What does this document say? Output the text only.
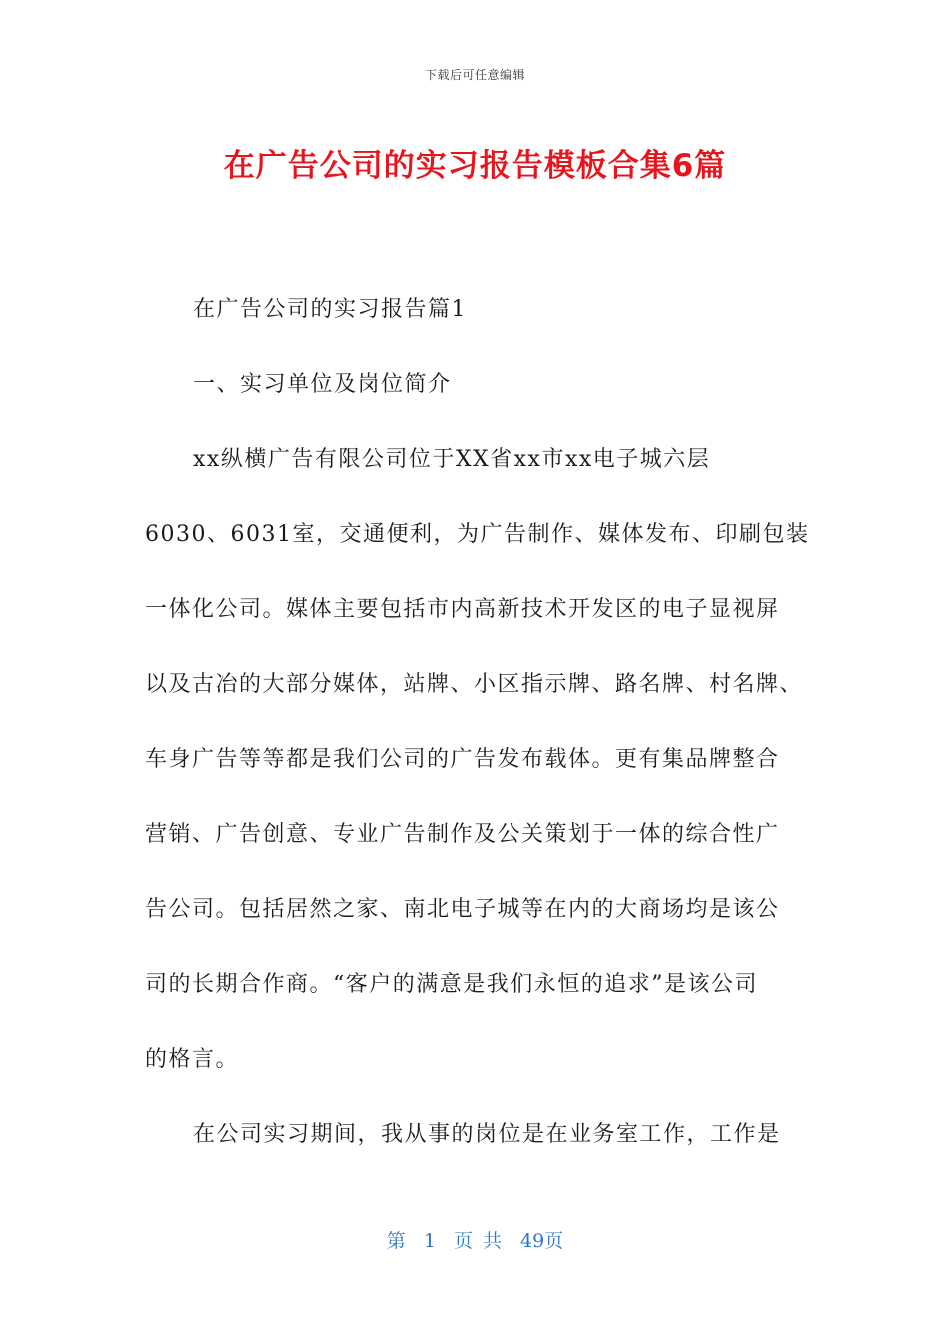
下载后可任意编辑
在广告公司的实习报告模板合集6篇
在广告公司的实习报告篇1
一、实习单位及岗位简介
xx纵横广告有限公司位于XX省xx市xx电子城六层
6030、6031室，交通便利，为广告制作、媒体发布、印刷包装
一体化公司。媒体主要包括市内高新技术开发区的电子显视屏
以及古冶的大部分媒体，站牌、小区指示牌、路名牌、村名牌、
车身广告等等都是我们公司的广告发布载体。更有集品牌整合
营销、广告创意、专业广告制作及公关策划于一体的综合性广
告公司。包括居然之家、南北电子城等在内的大商场均是该公
司的长期合作商。“客户的满意是我们永恒的追求”是该公司
的格言。
在公司实习期间，我从事的岗位是在业务室工作，工作是
第 1 页 共 49页
